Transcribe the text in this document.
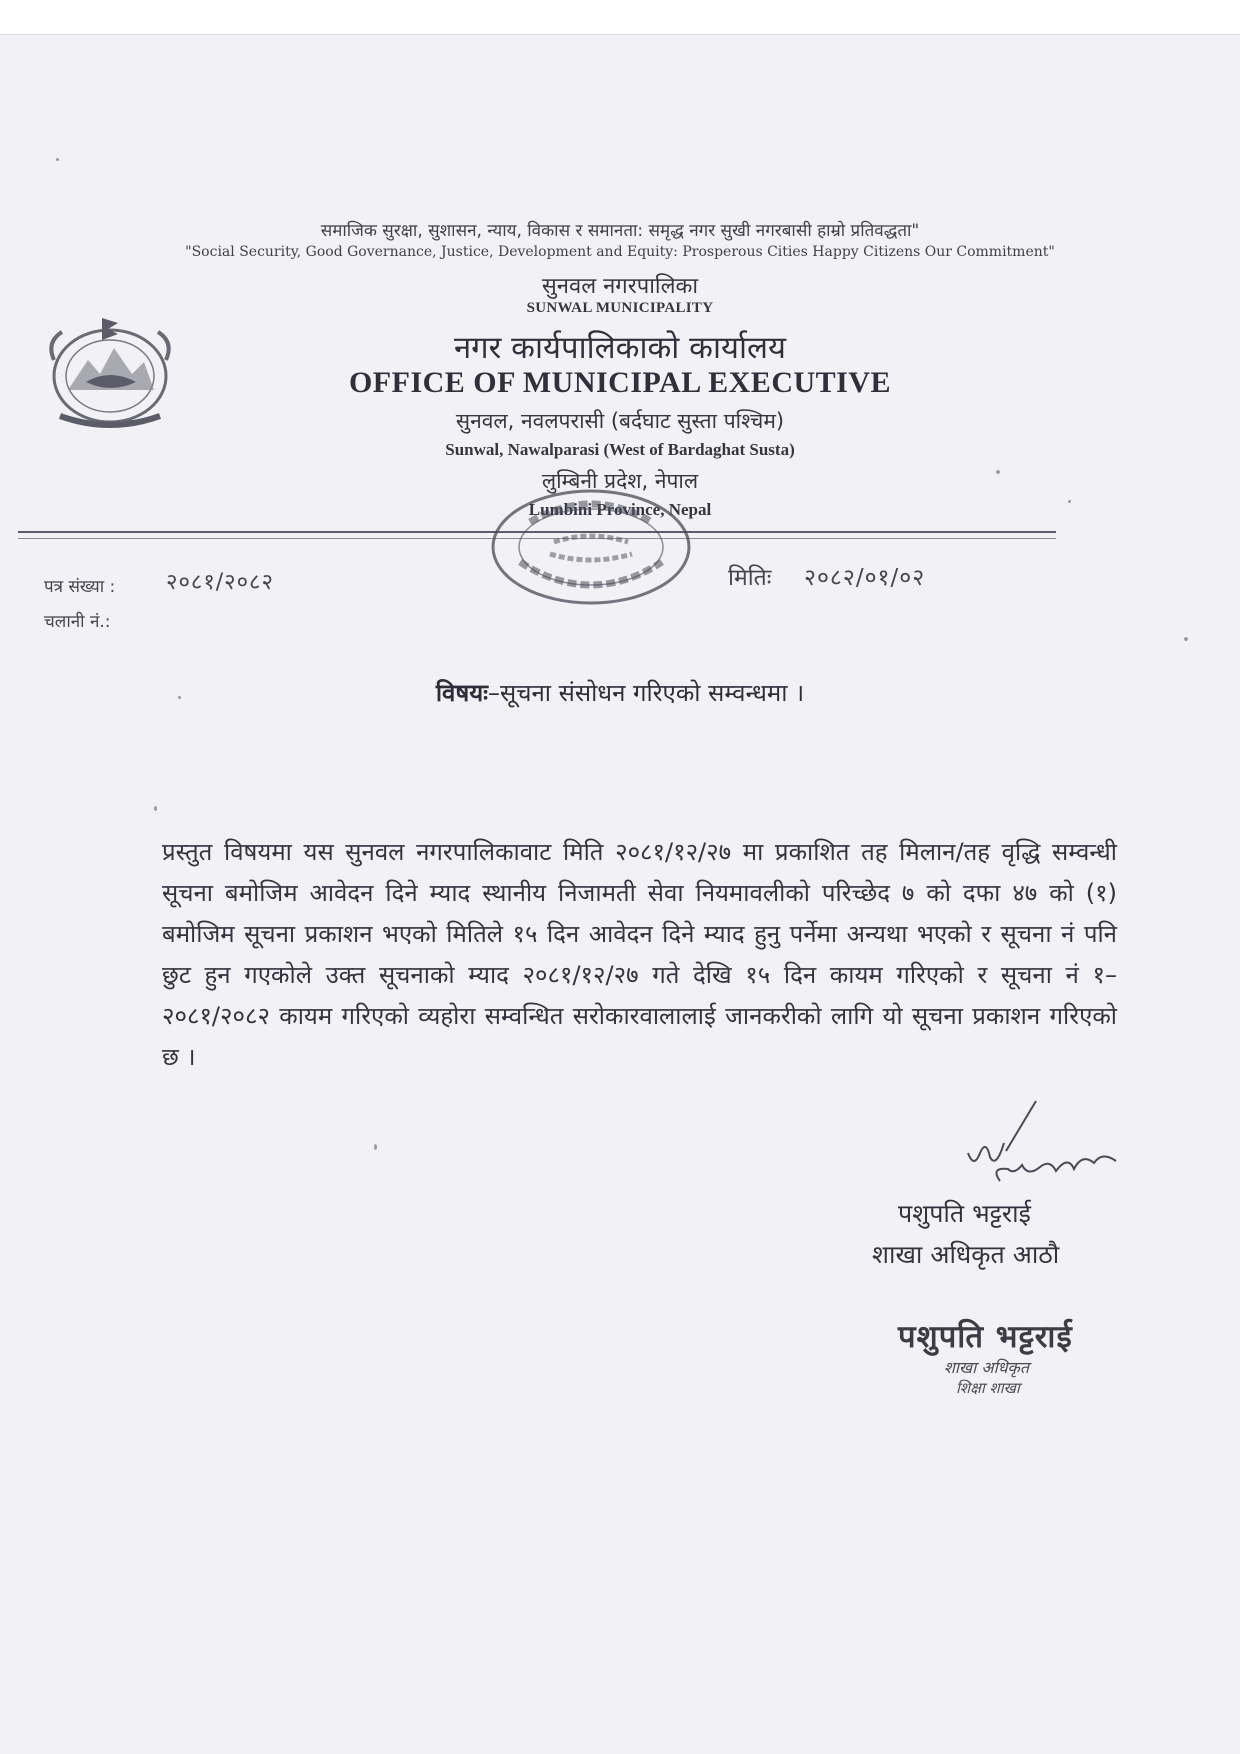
समाजिक सुरक्षा, सुशासन, न्याय, विकास र समानता: समृद्ध नगर सुखी नगरबासी हाम्रो प्रतिवद्धता"
"Social Security, Good Governance, Justice, Development and Equity: Prosperous Cities Happy Citizens Our Commitment"
सुनवल नगरपालिका
SUNWAL MUNICIPALITY
नगर कार्यपालिकाको कार्यालय
OFFICE OF MUNICIPAL EXECUTIVE
सुनवल, नवलपरासी (बर्दघाट सुस्ता पश्चिम)
Sunwal, Nawalparasi (West of Bardaghat Susta)
लुम्बिनी प्रदेश, नेपाल
Lumbini Province, Nepal
पत्र संख्या : २०८१/२०८२
चलानी नं.:
मितिः २०८२/०१/०२
विषयः–सूचना संसोधन गरिएको सम्वन्धमा ।
प्रस्तुत विषयमा यस सुनवल नगरपालिकावाट मिति २०८१/१२/२७ मा प्रकाशित तह मिलान/तह वृद्धि सम्वन्धी सूचना बमोजिम आवेदन दिने म्याद स्थानीय निजामती सेवा नियमावलीको परिच्छेद ७ को दफा ४७ को (१) बमोजिम सूचना प्रकाशन भएको मितिले १५ दिन आवेदन दिने म्याद हुनु पर्नेमा अन्यथा भएको र सूचना नं पनि छुट हुन गएकोले उक्त सूचनाको म्याद २०८१/१२/२७ गते देखि १५ दिन कायम गरिएको र सूचना नं १–२०८१/२०८२ कायम गरिएको व्यहोरा सम्वन्धित सरोकारवालालाई जानकरीको लागि यो सूचना प्रकाशन गरिएको छ ।
पशुपति भट्टराई
शाखा अधिकृत आठौ
पशुपति भट्टराई
शाखा अधिकृत
शिक्षा शाखा
